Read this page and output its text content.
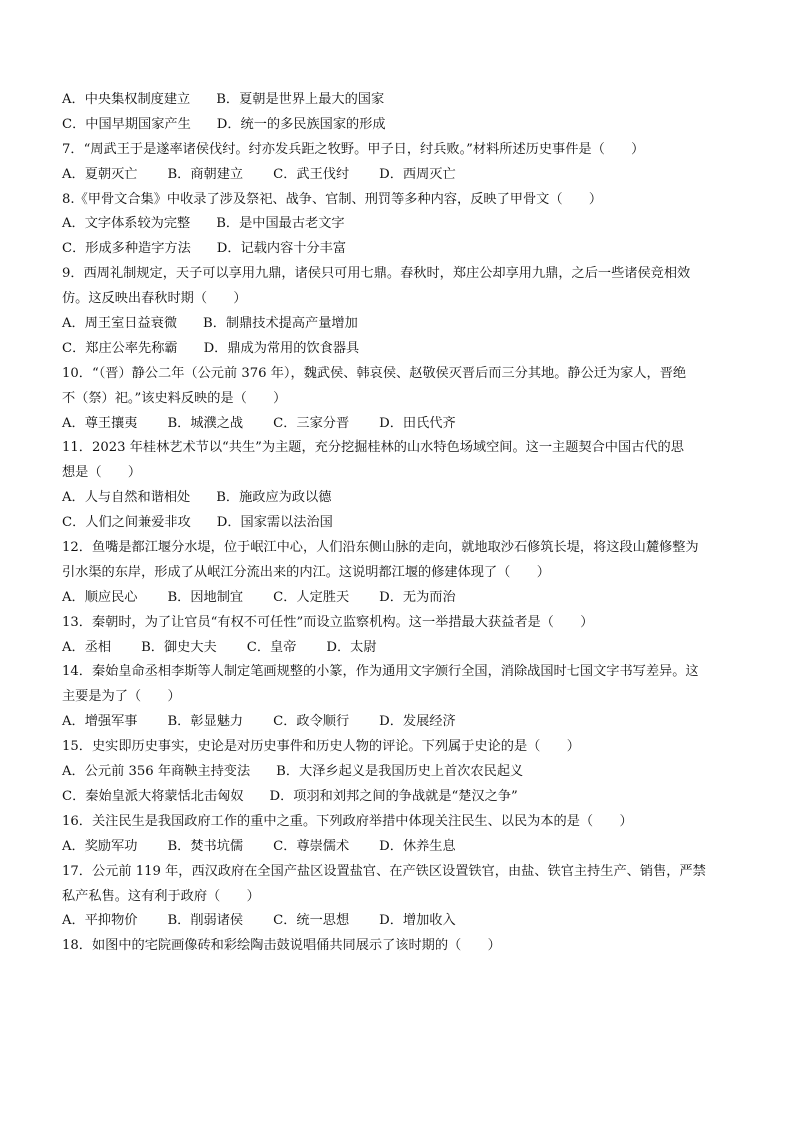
A．中央集权制度建立 B．夏朝是世界上最大的国家
C．中国早期国家产生 D．统一的多民族国家的形成
7．“周武王于是遂率诸侯伐纣。纣亦发兵距之牧野。甲子日，纣兵败。”材料所述历史事件是（　　）
A．夏朝灭亡 B．商朝建立 C．武王伐纣 D．西周灭亡
8.《甲骨文合集》中收录了涉及祭祀、战争、官制、刑罚等多种内容，反映了甲骨文（　　）
A．文字体系较为完整 B．是中国最古老文字
C．形成多种造字方法 D．记载内容十分丰富
9．西周礼制规定，天子可以享用九鼎，诸侯只可用七鼎。春秋时，郑庄公却享用九鼎，之后一些诸侯竞相效
仿。这反映出春秋时期（　　）
A．周王室日益衰微 B．制鼎技术提高产量增加
C．郑庄公率先称霸 D．鼎成为常用的饮食器具
10．“（晋）静公二年（公元前 376 年），魏武侯、韩哀侯、赵敬侯灭晋后而三分其地。静公迁为家人，晋绝
不（祭）祀。”该史料反映的是（　　）
A．尊王攘夷 B．城濮之战 C．三家分晋 D．田氏代齐
11．2023 年桂林艺术节以“共生”为主题，充分挖掘桂林的山水特色场域空间。这一主题契合中国古代的思
想是（　　）
A．人与自然和谐相处 B．施政应为政以德
C．人们之间兼爱非攻 D．国家需以法治国
12．鱼嘴是都江堰分水堤，位于岷江中心，人们沿东侧山脉的走向，就地取沙石修筑长堤，将这段山麓修整为
引水渠的东岸，形成了从岷江分流出来的内江。这说明都江堰的修建体现了（　　）
A．顺应民心 B．因地制宜 C．人定胜天 D．无为而治
13．秦朝时，为了让官员“有权不可任性”而设立监察机构。这一举措最大获益者是（　　）
A．丞相 B．御史大夫 C．皇帝 D．太尉
14．秦始皇命丞相李斯等人制定笔画规整的小篆，作为通用文字颁行全国，消除战国时七国文字书写差异。这
主要是为了（　　）
A．增强军事 B．彰显魅力 C．政令顺行 D．发展经济
15．史实即历史事实，史论是对历史事件和历史人物的评论。下列属于史论的是（　　）
A．公元前 356 年商鞅主持变法 B．大泽乡起义是我国历史上首次农民起义
C．秦始皇派大将蒙恬北击匈奴 D．项羽和刘邦之间的争战就是“楚汉之争”
16．关注民生是我国政府工作的重中之重。下列政府举措中体现关注民生、以民为本的是（　　）
A．奖励军功 B．焚书坑儒 C．尊崇儒术 D．休养生息
17．公元前 119 年，西汉政府在全国产盐区设置盐官、在产铁区设置铁官，由盐、铁官主持生产、销售，严禁
私产私售。这有利于政府（　　）
A．平抑物价 B．削弱诸侯 C．统一思想 D．增加收入
18．如图中的宅院画像砖和彩绘陶击鼓说唱俑共同展示了该时期的（　　）
